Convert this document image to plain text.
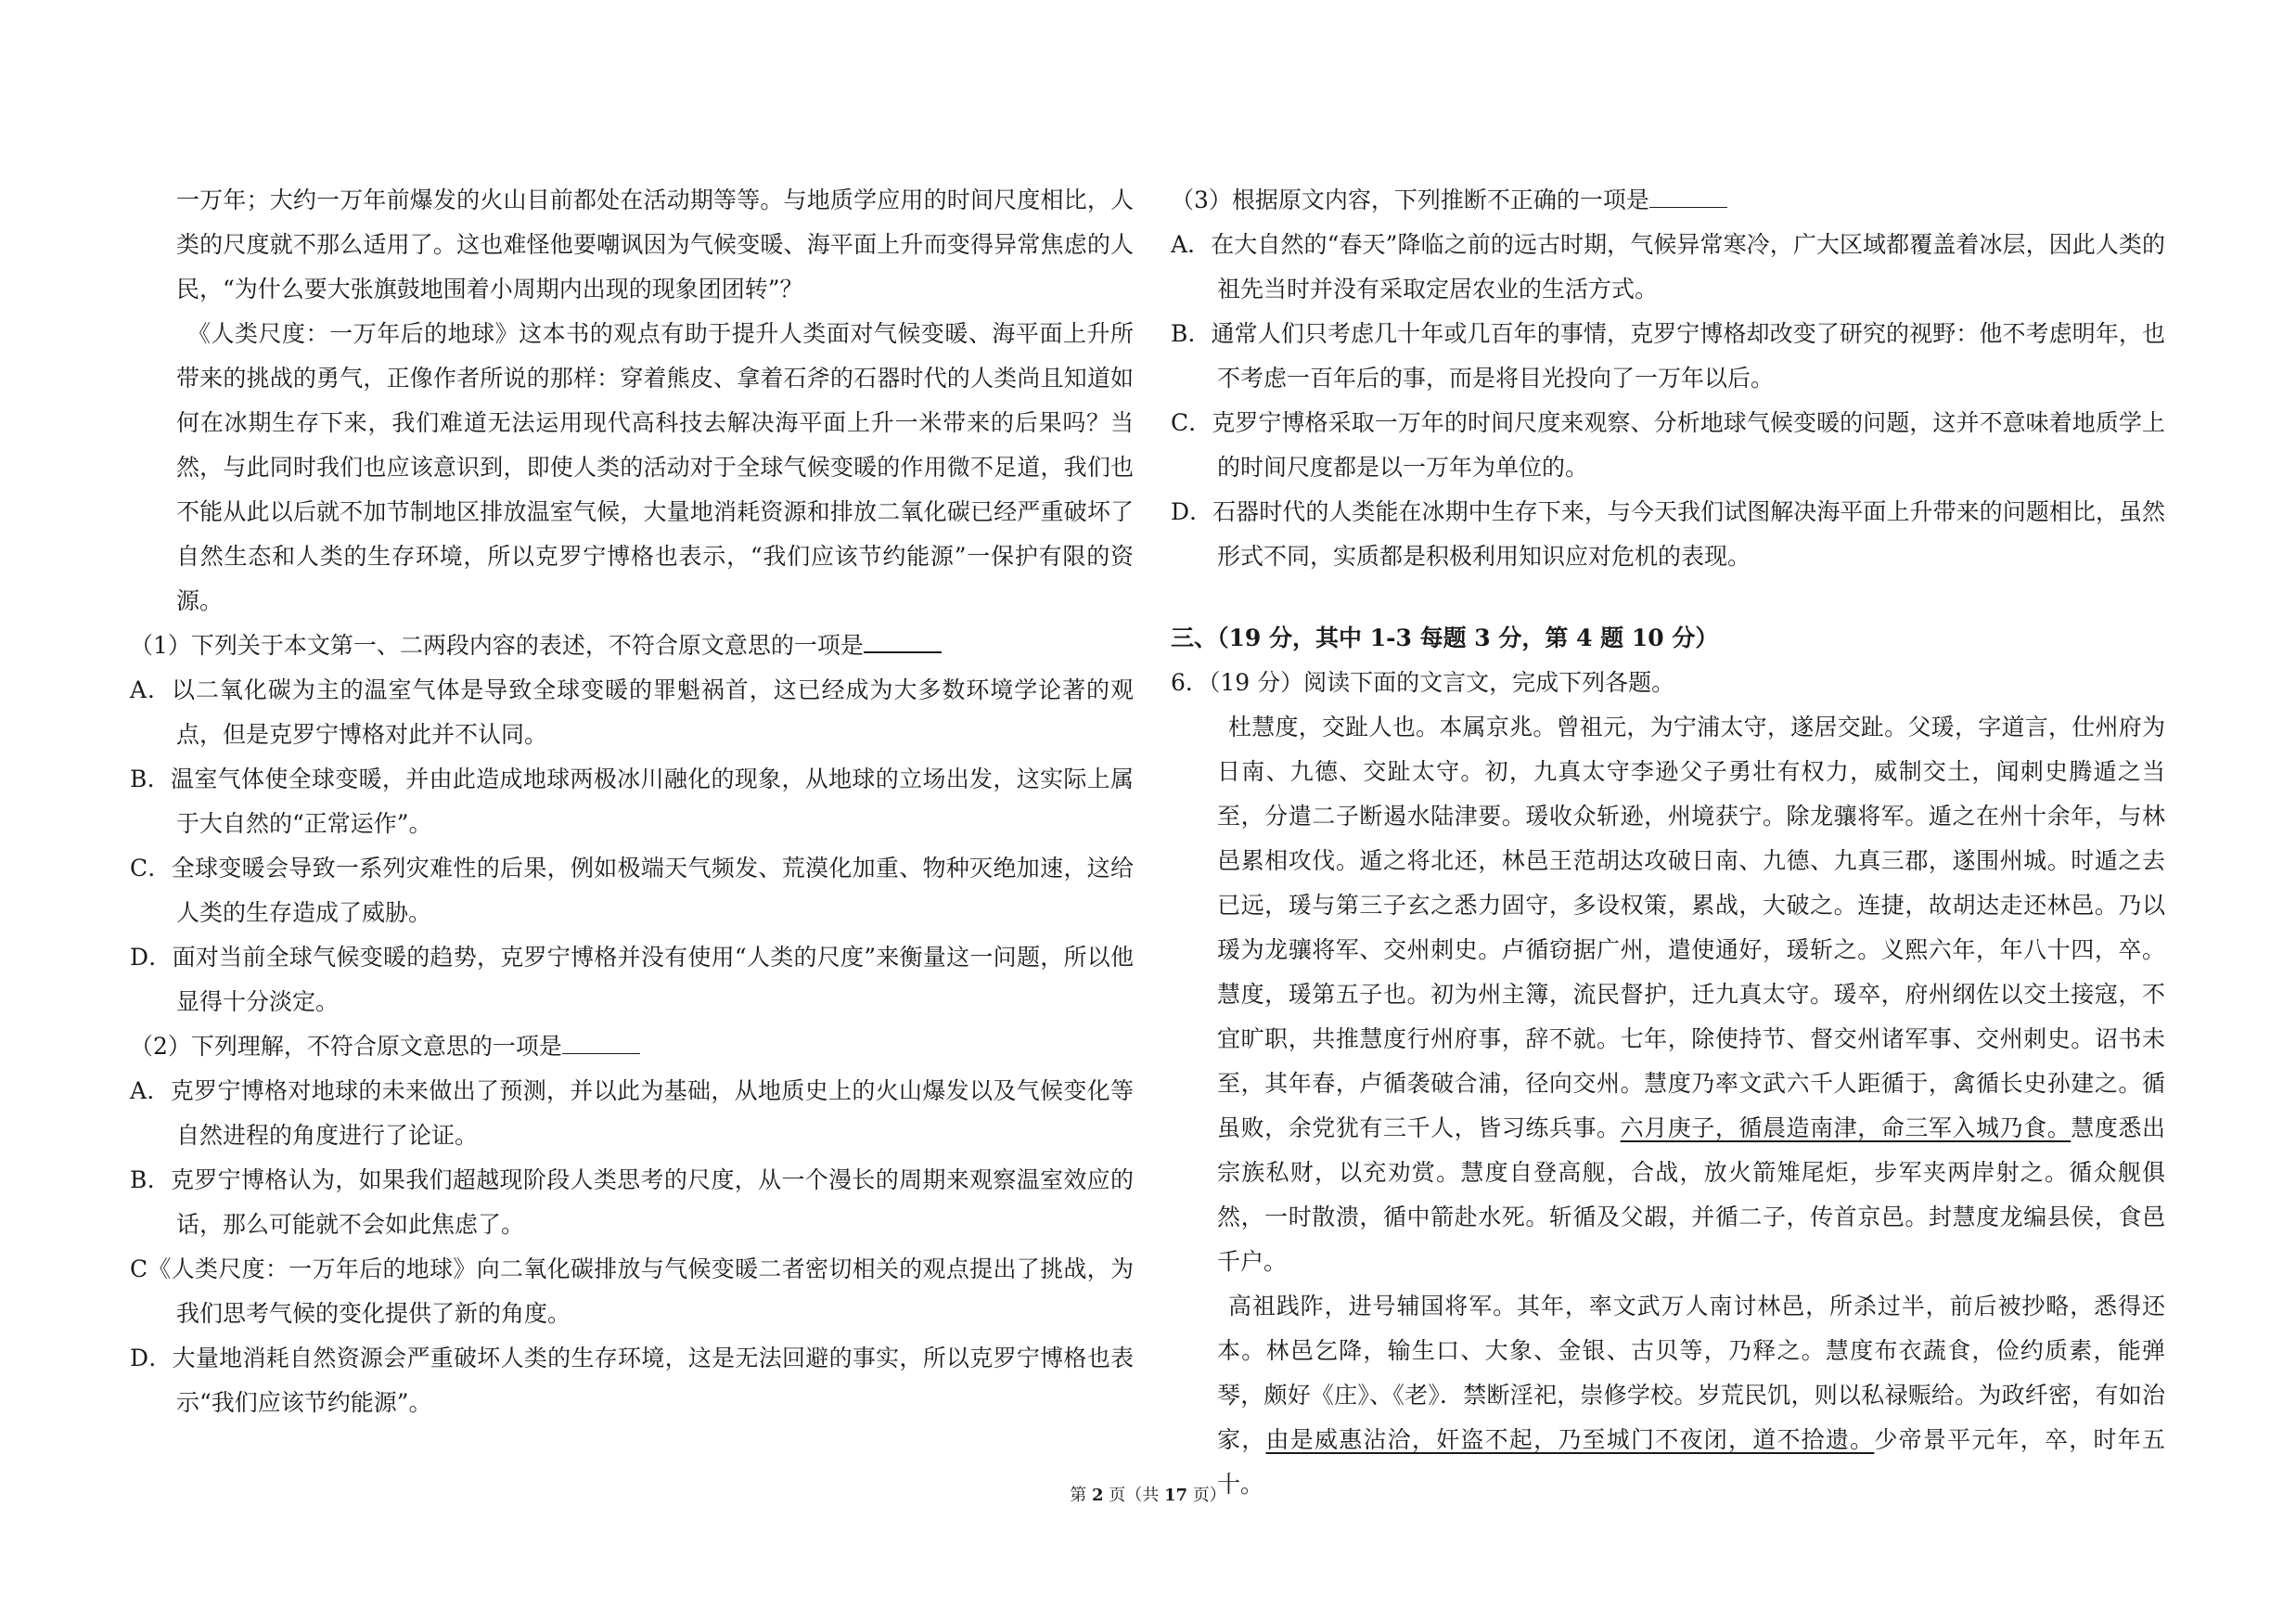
一万年；大约一万年前爆发的火山目前都处在活动期等等。与地质学应用的时间尺度相比，人类的尺度就不那么适用了。这也难怪他要嘲讽因为气候变暖、海平面上升而变得异常焦虑的人民，“为什么要大张旗鼓地围着小周期内出现的现象团团转”？

《人类尺度：一万年后的地球》这本书的观点有助于提升人类面对气候变暖、海平面上升所带来的挑战的勇气，正像作者所说的那样：穿着熊皮、拿着石斧的石器时代的人类尚且知道如何在冰期生存下来，我们难道无法运用现代高科技去解决海平面上升一米带来的后果吗？当然，与此同时我们也应该意识到，即使人类的活动对于全球气候变暖的作用微不足道，我们也不能从此以后就不加节制地区排放温室气候，大量地消耗资源和排放二氧化碳已经严重破坏了自然生态和人类的生存环境，所以克罗宁博格也表示，“我们应该节约能源”一保护有限的资源。

（1）下列关于本文第一、二两段内容的表述，不符合原文意思的一项是

A．以二氧化碳为主的温室气体是导致全球变暖的罪魁祸首，这已经成为大多数环境学论著的观点，但是克罗宁博格对此并不认同。

B．温室气体使全球变暖，并由此造成地球两极冰川融化的现象，从地球的立场出发，这实际上属于大自然的“正常运作”。

C．全球变暖会导致一系列灾难性的后果，例如极端天气频发、荒漠化加重、物种灭绝加速，这给人类的生存造成了威胁。

D．面对当前全球气候变暖的趋势，克罗宁博格并没有使用“人类的尺度”来衡量这一问题，所以他显得十分淡定。

（2）下列理解，不符合原文意思的一项是

A．克罗宁博格对地球的未来做出了预测，并以此为基础，从地质史上的火山爆发以及气候变化等自然进程的角度进行了论证。

B．克罗宁博格认为，如果我们超越现阶段人类思考的尺度，从一个漫长的周期来观察温室效应的话，那么可能就不会如此焦虑了。

C《人类尺度：一万年后的地球》向二氧化碳排放与气候变暖二者密切相关的观点提出了挑战，为我们思考气候的变化提供了新的角度。

D．大量地消耗自然资源会严重破坏人类的生存环境，这是无法回避的事实，所以克罗宁博格也表示“我们应该节约能源”。

（3）根据原文内容，下列推断不正确的一项是

A．在大自然的“春天”降临之前的远古时期，气候异常寒冷，广大区域都覆盖着冰层，因此人类的祖先当时并没有采取定居农业的生活方式。

B．通常人们只考虑几十年或几百年的事情，克罗宁博格却改变了研究的视野：他不考虑明年，也不考虑一百年后的事，而是将目光投向了一万年以后。

C．克罗宁博格采取一万年的时间尺度来观察、分析地球气候变暖的问题，这并不意味着地质学上的时间尺度都是以一万年为单位的。

D．石器时代的人类能在冰期中生存下来，与今天我们试图解决海平面上升带来的问题相比，虽然形式不同，实质都是积极利用知识应对危机的表现。

三、（19 分，其中 1-3 每题 3 分，第 4 题 10 分）

6．（19 分）阅读下面的文言文，完成下列各题。

杜慧度，交趾人也。本属京兆。曾祖元，为宁浦太守，遂居交趾。父瑗，字道言，仕州府为日南、九德、交趾太守。初，九真太守李逊父子勇壮有权力，威制交土，闻刺史腾遁之当至，分遣二子断遏水陆津要。瑗收众斩逊，州境获宁。除龙骧将军。遁之在州十余年，与林邑累相攻伐。遁之将北还，林邑王范胡达攻破日南、九德、九真三郡，遂围州城。时遁之去已远，瑗与第三子玄之悉力固守，多设权策，累战，大破之。连捷，故胡达走还林邑。乃以瑗为龙骧将军、交州刺史。卢循窃据广州，遣使通好，瑗斩之。义熙六年，年八十四，卒。慧度，瑗第五子也。初为州主簿，流民督护，迁九真太守。瑗卒，府州纲佐以交土接寇，不宜旷职，共推慧度行州府事，辞不就。七年，除使持节、督交州诸军事、交州刺史。诏书未至，其年春，卢循袭破合浦，径向交州。慧度乃率文武六千人距循于，禽循长史孙建之。循虽败，余党犹有三千人，皆习练兵事。六月庚子，循晨造南津，命三军入城乃食。慧度悉出宗族私财，以充劝赏。慧度自登高舰，合战，放火箭雉尾炬，步军夹两岸射之。循众舰俱然，一时散溃，循中箭赴水死。斩循及父嘏，并循二子，传首京邑。封慧度龙编县侯，食邑千户。

高祖践阼，进号辅国将军。其年，率文武万人南讨林邑，所杀过半，前后被抄略，悉得还本。林邑乞降，输生口、大象、金银、古贝等，乃释之。慧度布衣蔬食，俭约质素，能弹琴，颇好《庄》、《老》．禁断淫祀，崇修学校。岁荒民饥，则以私禄赈给。为政纤密，有如治家，由是威惠沾洽，奸盗不起，乃至城门不夜闭，道不拾遗。少帝景平元年，卒，时年五十。

第 2 页（共 17 页）
